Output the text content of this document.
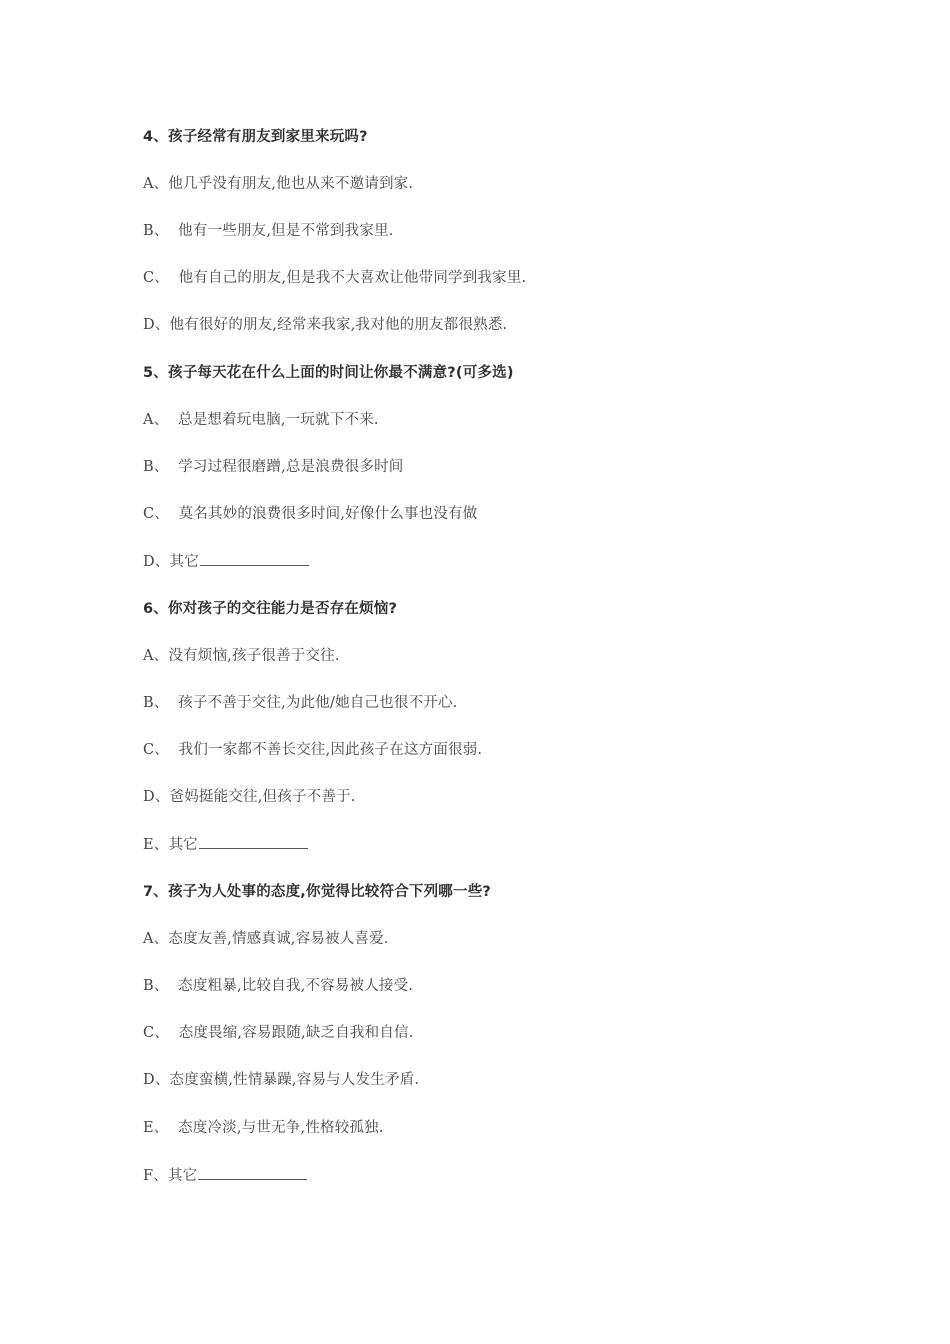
4、孩子经常有朋友到家里来玩吗?
A、他几乎没有朋友,他也从来不邀请到家.
B、  他有一些朋友,但是不常到我家里.
C、  他有自己的朋友,但是我不大喜欢让他带同学到我家里.
D、他有很好的朋友,经常来我家,我对他的朋友都很熟悉.
5、孩子每天花在什么上面的时间让你最不满意?(可多选)
A、  总是想着玩电脑,一玩就下不来.
B、  学习过程很磨蹭,总是浪费很多时间
C、  莫名其妙的浪费很多时间,好像什么事也没有做
D、其它
6、你对孩子的交往能力是否存在烦恼?
A、没有烦恼,孩子很善于交往.
B、  孩子不善于交往,为此他/她自己也很不开心.
C、  我们一家都不善长交往,因此孩子在这方面很弱.
D、爸妈挺能交往,但孩子不善于.
E、其它
7、孩子为人处事的态度,你觉得比较符合下列哪一些?
A、态度友善,情感真诚,容易被人喜爱.
B、  态度粗暴,比较自我,不容易被人接受.
C、  态度畏缩,容易跟随,缺乏自我和自信.
D、态度蛮横,性情暴躁,容易与人发生矛盾.
E、  态度冷淡,与世无争,性格较孤独.
F、其它
